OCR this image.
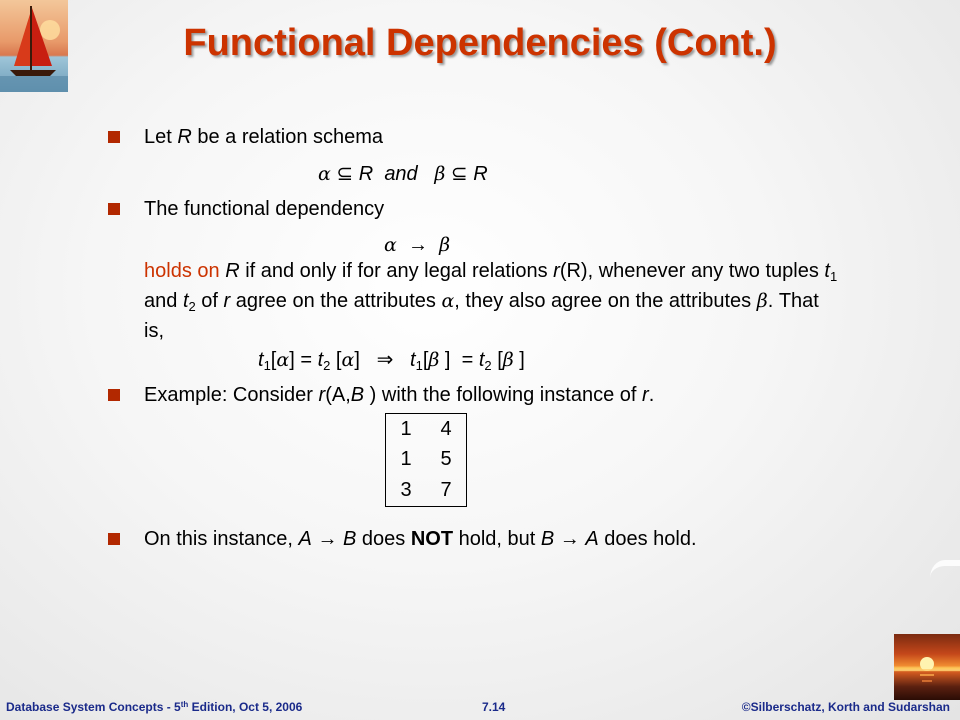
Functional Dependencies (Cont.)
Let R be a relation schema
α ⊆ R and β ⊆ R
The functional dependency
α → β
holds on R if and only if for any legal relations r(R), whenever any two tuples $t_1$ and $t_2$ of r agree on the attributes α, they also agree on the attributes β. That is,
$t_1[\alpha] = t_2$ [α]   ⇒ $t_1[\beta$ ]  = $t_2$ [β ]
Example: Consider r(A,B ) with the following instance of r.
1	4
1	5
3	7
On this instance, A → B does NOT hold, but B → A does hold.
Database System Concepts - 5th Edition, Oct 5, 2006	7.14	©Silberschatz, Korth and Sudarshan
